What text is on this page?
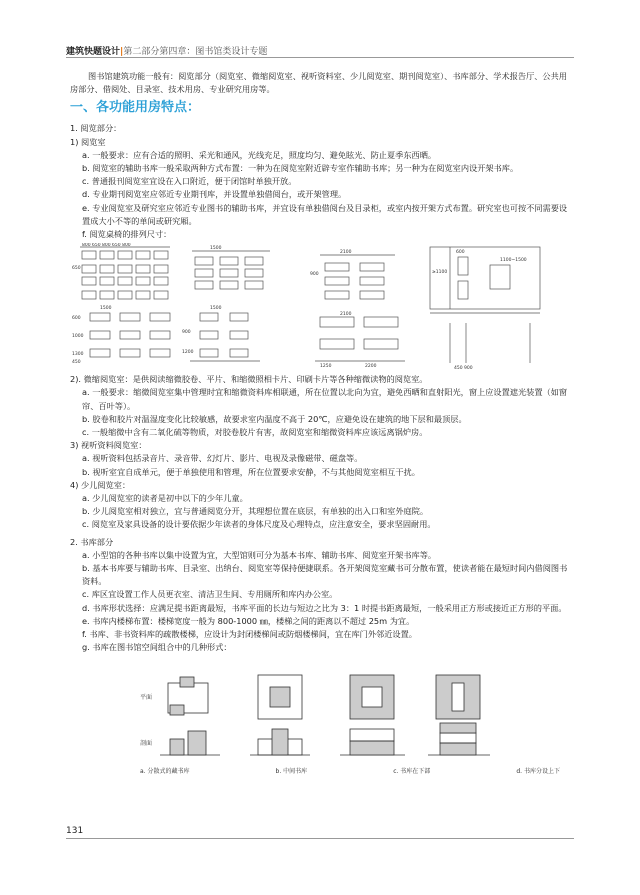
建筑快题设计|第二部分第四章：图书馆类设计专题

图书馆建筑功能一般有：阅览部分（阅览室、微缩阅览室、视听资料室、少儿阅览室、期刊阅览室）、书库部分、学术报告厅、公共用房部分、借阅处、目录室、技术用房、专业研究用房等。

一、各功能用房特点：

1. 阅览部分：

1) 阅览室

a. 一般要求：应有合适的照明、采光和通风，光线充足，照度均匀、避免眩光、防止夏季东西晒。

b. 阅览室的辅助书库一般采取两种方式布置：一种为在阅览室附近辟专室作辅助书库；另一种为在阅览室内设开架书库。

c. 普通报刊阅览室宜设在入口附近，便于闭馆时单独开放。

d. 专业期刊阅览室应邻近专业期刊库，并设置单独借阅台，或开架管理。

e. 专业阅览室及研究室应邻近专业图书的辅助书库，并宜设有单独借阅台及目录柜，或室内按开架方式布置。研究室也可按不同需要设置成大小不等的单间或研究厢。

f. 阅览桌椅的排列尺寸：

800 650 800 650 800
1500
650
1500
2100
900
2100
1250	2200
1500
600
900
1000
1300
450
1100~1500
≥1100
450 900
600
1200

2). 微缩阅览室：是供阅读缩微胶卷、平片、和缩微照相卡片、印刷卡片等各种缩微读物的阅览室。

a. 一般要求：缩微阅览室集中管理时宜和缩微资料库相联通，所在位置以北向为宜，避免西晒和直射阳光，窗上应设置遮光装置（如窗帘、百叶等）。

b. 胶卷和胶片对温湿度变化比较敏感，故要求室内温度不高于 20℃，应避免设在建筑的地下层和最顶层。

c. 一般缩微中含有二氧化硫等物质，对胶卷胶片有害，故阅览室和缩微资料库应该远离锅炉房。

3) 视听资料阅览室：

a. 视听资料包括录音片、录音带、幻灯片、影片、电视及录像磁带、磁盘等。

b. 视听室宜自成单元，便于单独使用和管理，所在位置要求安静，不与其他阅览室相互干扰。

4) 少儿阅览室：

a. 少儿阅览室的读者是初中以下的少年儿童。

b. 少儿阅览室相对独立，宜与普通阅览分开，其理想位置在底层，有单独的出入口和室外庭院。

c. 阅览室及家具设备的设计要依据少年读者的身体尺度及心理特点，应注意安全，要求坚固耐用。

2. 书库部分

a. 小型馆的各种书库以集中设置为宜，大型馆则可分为基本书库、辅助书库、阅览室开架书库等。

b. 基本书库要与辅助书库、目录室、出纳台、阅览室等保持便捷联系。各开架阅览室藏书可分散布置，使读者能在最短时间内借阅图书资料。

c. 库区宜设置工作人员更衣室、清洁卫生间、专用厕所和库内办公室。

d. 书库形状选择：应满足提书距离最短，书库平面的长边与短边之比为 3：1 时提书距离最短，一般采用正方形或接近正方形的平面。

e. 书库内楼梯布置：楼梯宽度一般为 800-1000 ㎜，楼梯之间的距离以不超过 25m 为宜。

f. 书库、非书资料库的疏散楼梯，应设计为封闭楼梯间或防烟楼梯间，宜在库门外邻近设置。

g. 书库在图书馆空间组合中的几种形式：

平面
剖面
a. 分散式的藏书库	b. 中间书库	c. 书库在下部	d. 书库分设上下
131
